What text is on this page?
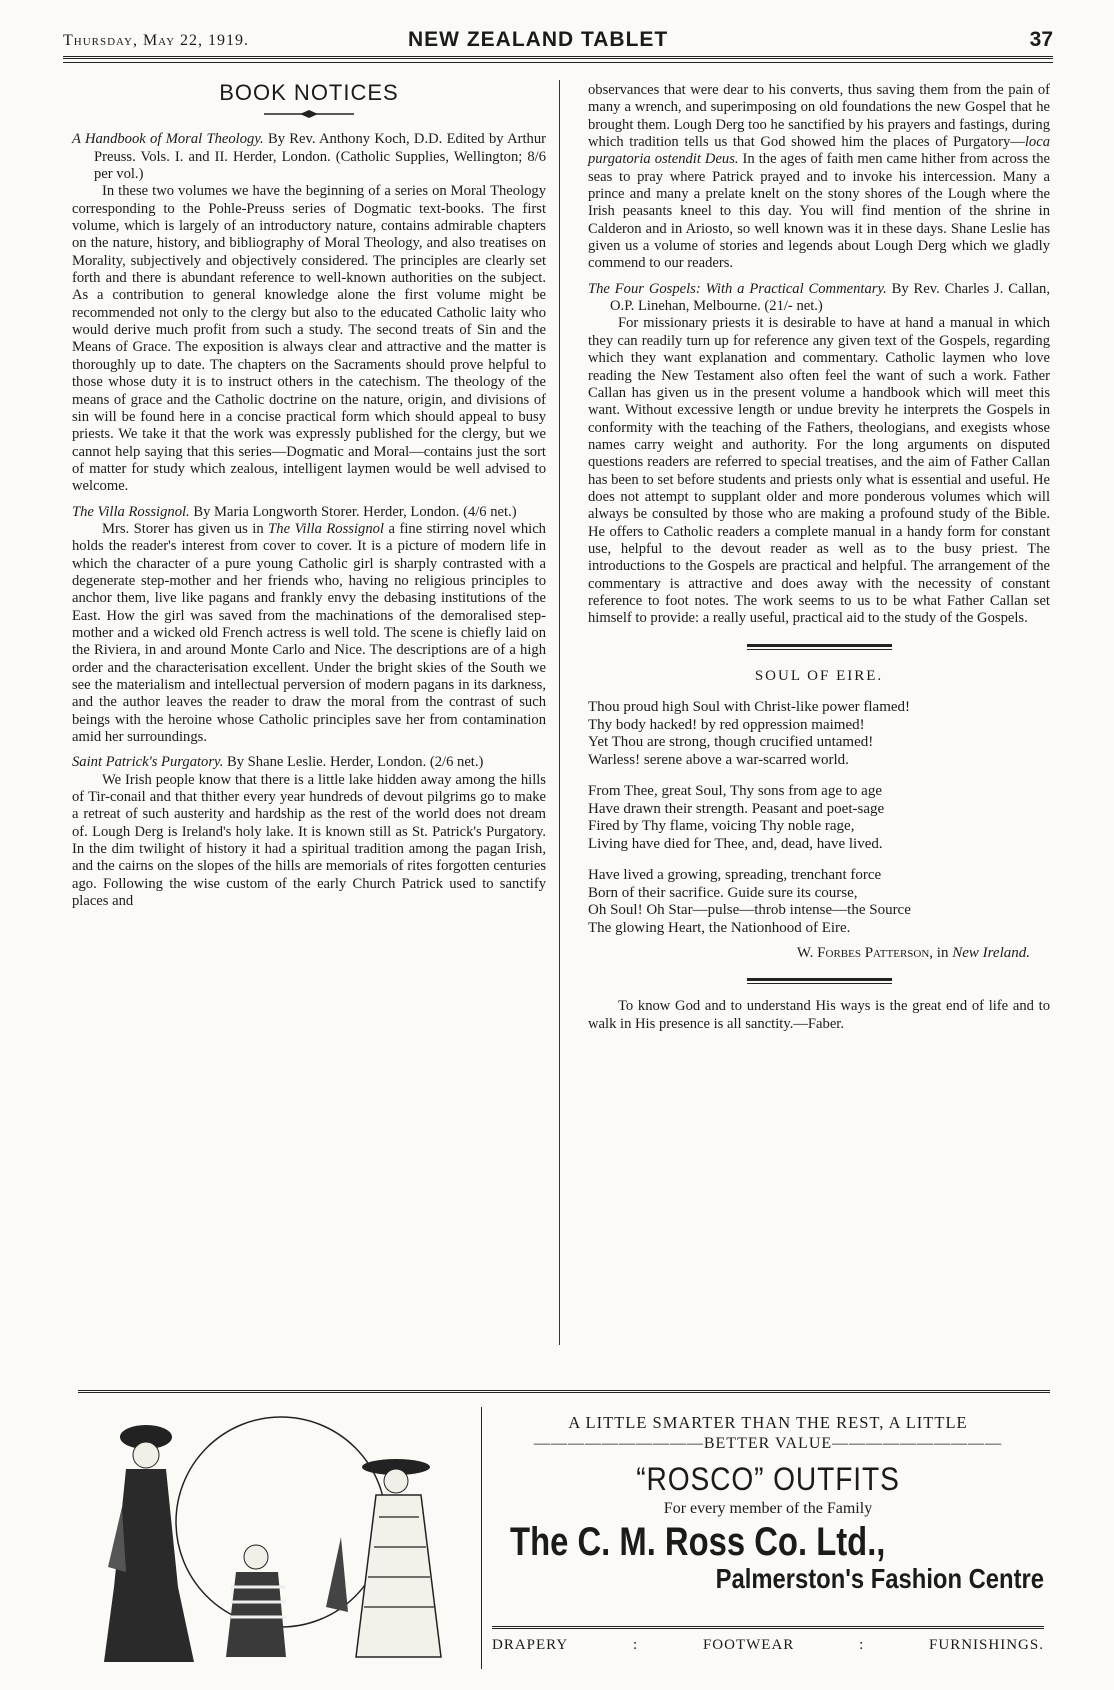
Thursday, May 22, 1919.	NEW ZEALAND TABLET	37
BOOK NOTICES

A Handbook of Moral Theology. By Rev. Anthony Koch, D.D. Edited by Arthur Preuss. Vols. I. and II. Herder, London. (Catholic Supplies, Wellington; 8/6 per vol.)

In these two volumes we have the beginning of a series on Moral Theology corresponding to the Pohle-Preuss series of Dogmatic text-books. The first volume, which is largely of an introductory nature, contains admirable chapters on the nature, history, and bibliography of Moral Theology, and also treatises on Morality, subjectively and objectively considered. The principles are clearly set forth and there is abundant reference to well-known authorities on the subject. As a contribution to general knowledge alone the first volume might be recommended not only to the clergy but also to the educated Catholic laity who would derive much profit from such a study. The second treats of Sin and the Means of Grace. The exposition is always clear and attractive and the matter is thoroughly up to date. The chapters on the Sacraments should prove helpful to those whose duty it is to instruct others in the catechism. The theology of the means of grace and the Catholic doctrine on the nature, origin, and divisions of sin will be found here in a concise practical form which should appeal to busy priests. We take it that the work was expressly published for the clergy, but we cannot help saying that this series—Dogmatic and Moral—contains just the sort of matter for study which zealous, intelligent laymen would be well advised to welcome.

The Villa Rossignol. By Maria Longworth Storer. Herder, London. (4/6 net.)

Mrs. Storer has given us in The Villa Rossignol a fine stirring novel which holds the reader's interest from cover to cover. It is a picture of modern life in which the character of a pure young Catholic girl is sharply contrasted with a degenerate step-mother and her friends who, having no religious principles to anchor them, live like pagans and frankly envy the debasing institutions of the East. How the girl was saved from the machinations of the demoralised step-mother and a wicked old French actress is well told. The scene is chiefly laid on the Riviera, in and around Monte Carlo and Nice. The descriptions are of a high order and the characterisation excellent. Under the bright skies of the South we see the materialism and intellectual perversion of modern pagans in its darkness, and the author leaves the reader to draw the moral from the contrast of such beings with the heroine whose Catholic principles save her from contamination amid her surroundings.

Saint Patrick's Purgatory. By Shane Leslie. Herder, London. (2/6 net.)

We Irish people know that there is a little lake hidden away among the hills of Tir-conail and that thither every year hundreds of devout pilgrims go to make a retreat of such austerity and hardship as the rest of the world does not dream of. Lough Derg is Ireland's holy lake. It is known still as St. Patrick's Purgatory. In the dim twilight of history it had a spiritual tradition among the pagan Irish, and the cairns on the slopes of the hills are memorials of rites forgotten centuries ago. Following the wise custom of the early Church Patrick used to sanctify places and

observances that were dear to his converts, thus saving them from the pain of many a wrench, and superimposing on old foundations the new Gospel that he brought them. Lough Derg too he sanctified by his prayers and fastings, during which tradition tells us that God showed him the places of Purgatory—loca purgatoria ostendit Deus. In the ages of faith men came hither from across the seas to pray where Patrick prayed and to invoke his intercession. Many a prince and many a prelate knelt on the stony shores of the Lough where the Irish peasants kneel to this day. You will find mention of the shrine in Calderon and in Ariosto, so well known was it in these days. Shane Leslie has given us a volume of stories and legends about Lough Derg which we gladly commend to our readers.

The Four Gospels: With a Practical Commentary. By Rev. Charles J. Callan, O.P. Linehan, Melbourne. (21/- net.)

For missionary priests it is desirable to have at hand a manual in which they can readily turn up for reference any given text of the Gospels, regarding which they want explanation and commentary. Catholic laymen who love reading the New Testament also often feel the want of such a work. Father Callan has given us in the present volume a handbook which will meet this want. Without excessive length or undue brevity he interprets the Gospels in conformity with the teaching of the Fathers, theologians, and exegists whose names carry weight and authority. For the long arguments on disputed questions readers are referred to special treatises, and the aim of Father Callan has been to set before students and priests only what is essential and useful. He does not attempt to supplant older and more ponderous volumes which will always be consulted by those who are making a profound study of the Bible. He offers to Catholic readers a complete manual in a handy form for constant use, helpful to the devout reader as well as to the busy priest. The introductions to the Gospels are practical and helpful. The arrangement of the commentary is attractive and does away with the necessity of constant reference to foot notes. The work seems to us to be what Father Callan set himself to provide: a really useful, practical aid to the study of the Gospels.

SOUL OF EIRE.
Thou proud high Soul with Christ-like power flamed!
Thy body hacked! by red oppression maimed!
Yet Thou are strong, though crucified untamed!
Warless! serene above a war-scarred world.
From Thee, great Soul, Thy sons from age to age
Have drawn their strength. Peasant and poet-sage
Fired by Thy flame, voicing Thy noble rage,
Living have died for Thee, and, dead, have lived.
Have lived a growing, spreading, trenchant force
Born of their sacrifice. Guide sure its course,
Oh Soul! Oh Star—pulse—throb intense—the Source
The glowing Heart, the Nationhood of Eire.
W. Forbes Patterson, in New Ireland.

To know God and to understand His ways is the great end of life and to walk in His presence is all sanctity.—Faber.

A LITTLE SMARTER THAN THE REST, A LITTLE
——————————BETTER VALUE——————————
“ROSCO” OUTFITS
For every member of the Family
The C. M. Ross Co. Ltd.,
Palmerston's Fashion Centre
DRAPERY	:	FOOTWEAR	:	FURNISHINGS.
